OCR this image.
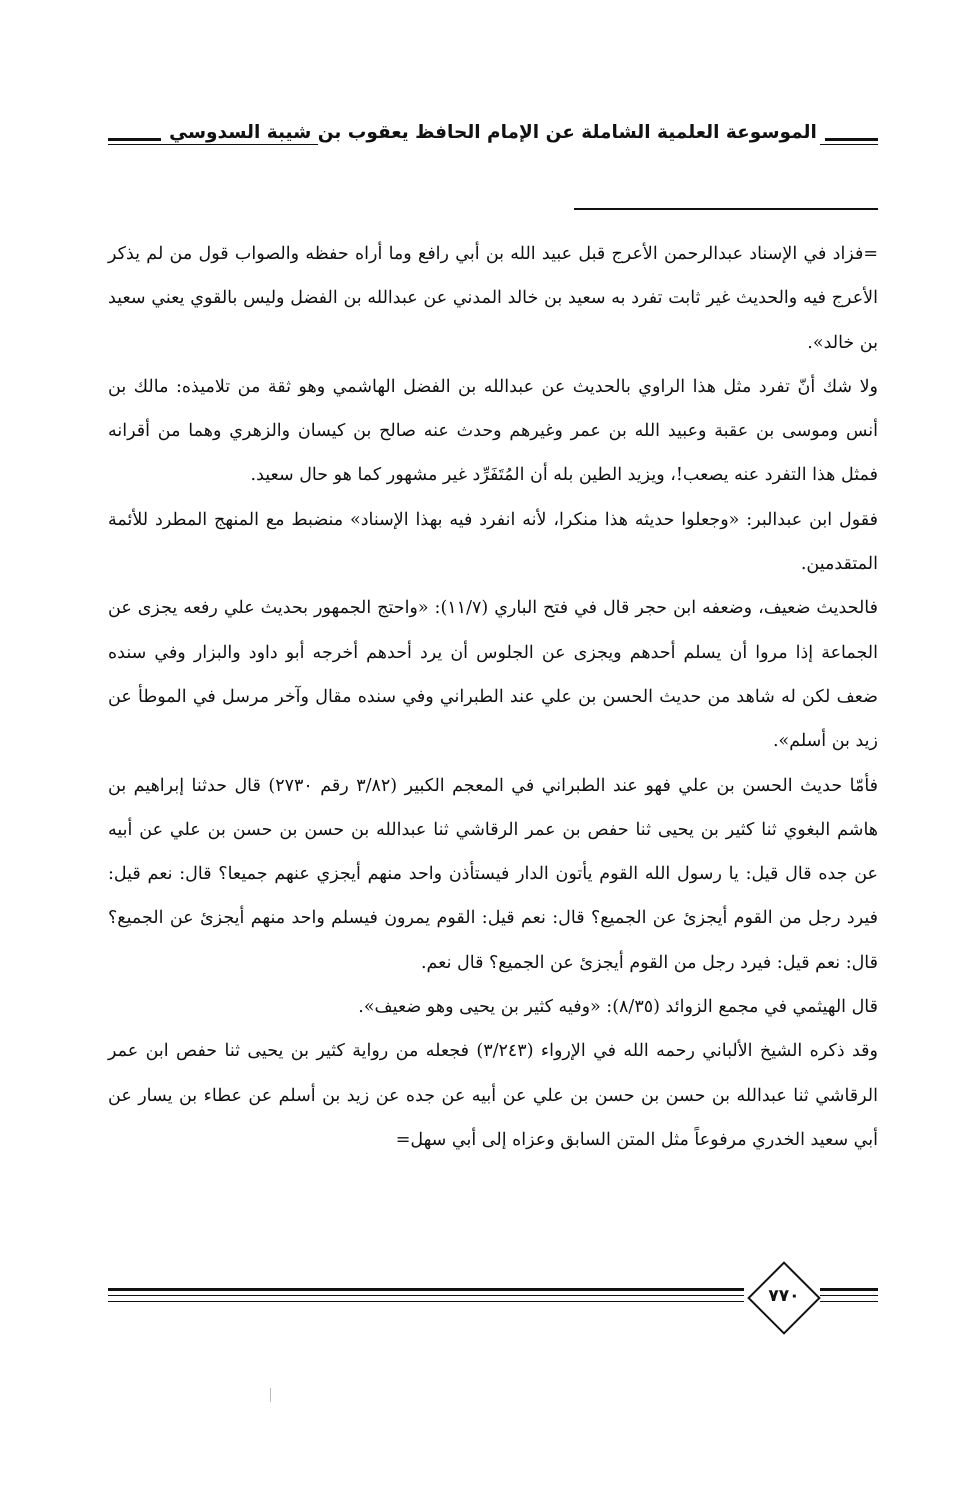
الموسوعة العلمية الشاملة عن الإمام الحافظ يعقوب بن شيبة السدوسي

=فزاد في الإسناد عبدالرحمن الأعرج قبل عبيد الله بن أبي رافع وما أراه حفظه والصواب قول من لم يذكر الأعرج فيه والحديث غير ثابت تفرد به سعيد بن خالد المدني عن عبدالله بن الفضل وليس بالقوي يعني سعيد بن خالد».

ولا شك أنّ تفرد مثل هذا الراوي بالحديث عن عبدالله بن الفضل الهاشمي وهو ثقة من تلاميذه: مالك بن أنس وموسى بن عقبة وعبيد الله بن عمر وغيرهم وحدث عنه صالح بن كيسان والزهري وهما من أقرانه فمثل هذا التفرد عنه يصعب!، ويزيد الطين بله أن المُتَفَرِّد غير مشهور كما هو حال سعيد.

فقول ابن عبدالبر: «وجعلوا حديثه هذا منكرا، لأنه انفرد فيه بهذا الإسناد» منضبط مع المنهج المطرد للأئمة المتقدمين.

فالحديث ضعيف، وضعفه ابن حجر قال في فتح الباري (١١/٧): «واحتج الجمهور بحديث علي رفعه يجزى عن الجماعة إذا مروا أن يسلم أحدهم ويجزى عن الجلوس أن يرد أحدهم أخرجه أبو داود والبزار وفي سنده ضعف لكن له شاهد من حديث الحسن بن علي عند الطبراني وفي سنده مقال وآخر مرسل في الموطأ عن زيد بن أسلم».

فأمّا حديث الحسن بن علي فهو عند الطبراني في المعجم الكبير (٣/٨٢ رقم ٢٧٣٠) قال حدثنا إبراهيم بن هاشم البغوي ثنا كثير بن يحيى ثنا حفص بن عمر الرقاشي ثنا عبدالله بن حسن بن حسن بن علي عن أبيه عن جده قال قيل: يا رسول الله القوم يأتون الدار فيستأذن واحد منهم أيجزي عنهم جميعا؟ قال: نعم قيل: فيرد رجل من القوم أيجزئ عن الجميع؟ قال: نعم قيل: القوم يمرون فيسلم واحد منهم أيجزئ عن الجميع؟ قال: نعم قيل: فيرد رجل من القوم أيجزئ عن الجميع؟ قال نعم.

قال الهيثمي في مجمع الزوائد (٨/٣٥): «وفيه كثير بن يحيى وهو ضعيف».

وقد ذكره الشيخ الألباني رحمه الله في الإرواء (٣/٢٤٣) فجعله من رواية كثير بن يحيى ثنا حفص ابن عمر الرقاشي ثنا عبدالله بن حسن بن حسن بن علي عن أبيه عن جده عن زيد بن أسلم عن عطاء بن يسار عن أبي سعيد الخدري مرفوعاً مثل المتن السابق وعزاه إلى أبي سهل=

٧٧٠
